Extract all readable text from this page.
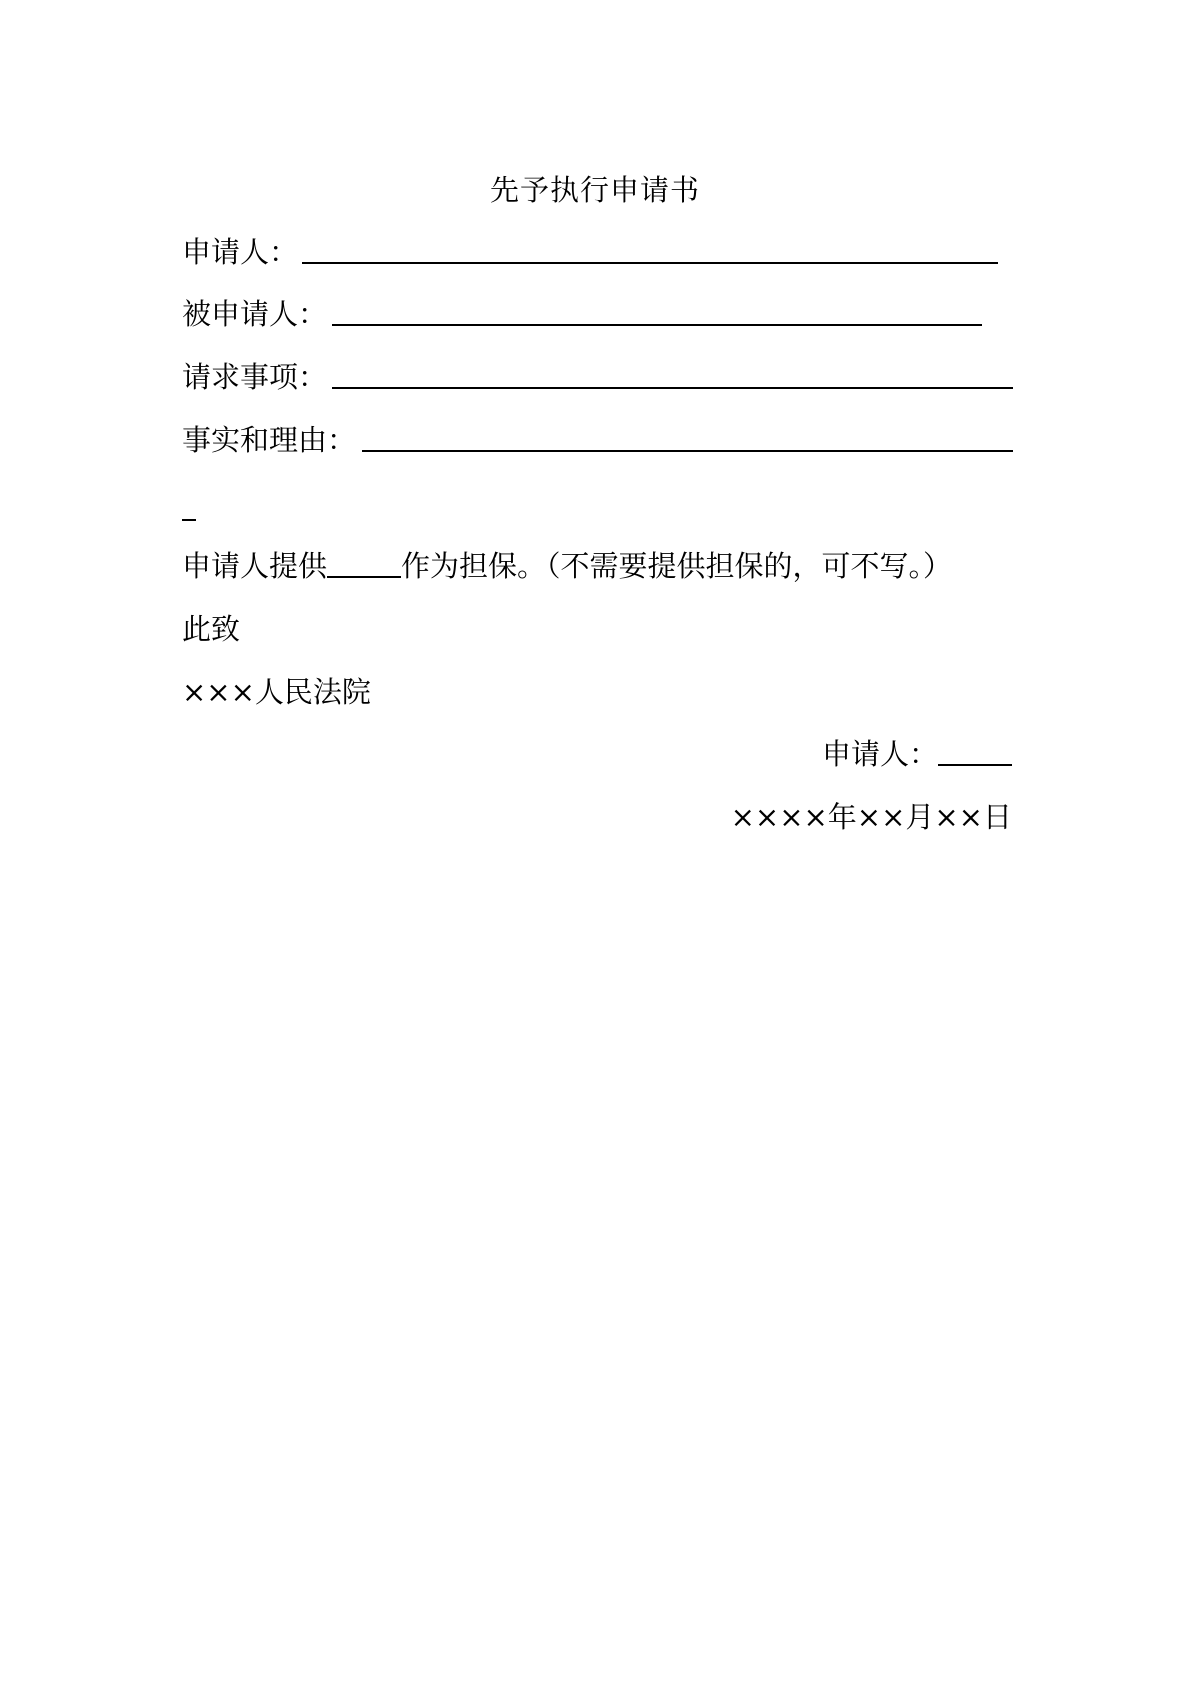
先予执行申请书
申请人：
被申请人：
请求事项：
事实和理由：
申请人提供	作为担保。（不需要提供担保的，可不写。）
此致
×××人民法院
申请人：
××××年××月××日
